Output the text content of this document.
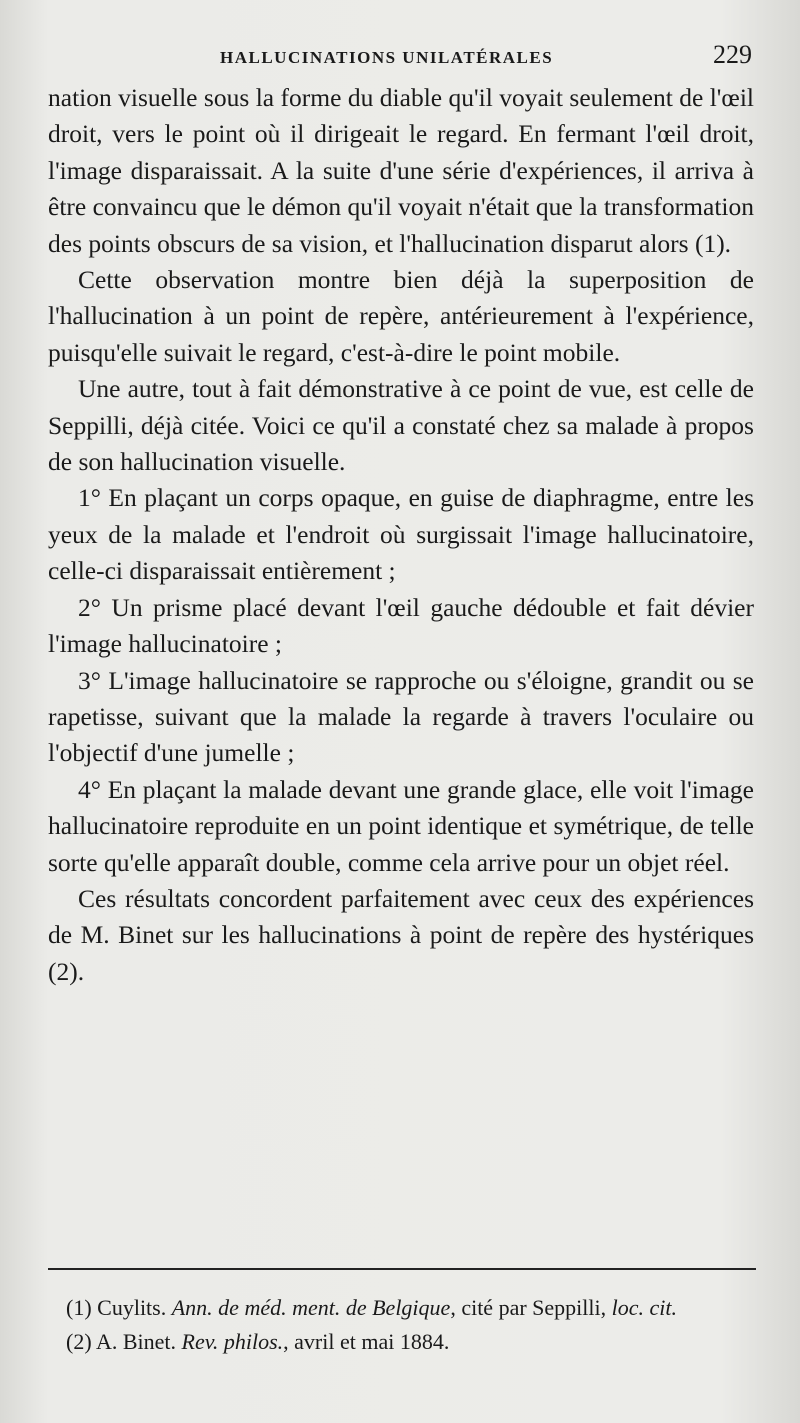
HALLUCINATIONS UNILATÉRALES	229

nation visuelle sous la forme du diable qu'il voyait seulement de l'œil droit, vers le point où il dirigeait le regard. En fermant l'œil droit, l'image disparaissait. A la suite d'une série d'expériences, il arriva à être convaincu que le démon qu'il voyait n'était que la transformation des points obscurs de sa vision, et l'hallucination disparut alors (1).

Cette observation montre bien déjà la superposition de l'hallucination à un point de repère, antérieurement à l'expérience, puisqu'elle suivait le regard, c'est-à-dire le point mobile.

Une autre, tout à fait démonstrative à ce point de vue, est celle de Seppilli, déjà citée. Voici ce qu'il a constaté chez sa malade à propos de son hallucination visuelle.

1° En plaçant un corps opaque, en guise de diaphragme, entre les yeux de la malade et l'endroit où surgissait l'image hallucinatoire, celle-ci disparaissait entièrement ;

2° Un prisme placé devant l'œil gauche dédouble et fait dévier l'image hallucinatoire ;

3° L'image hallucinatoire se rapproche ou s'éloigne, grandit ou se rapetisse, suivant que la malade la regarde à travers l'oculaire ou l'objectif d'une jumelle ;

4° En plaçant la malade devant une grande glace, elle voit l'image hallucinatoire reproduite en un point identique et symétrique, de telle sorte qu'elle apparaît double, comme cela arrive pour un objet réel.

Ces résultats concordent parfaitement avec ceux des expériences de M. Binet sur les hallucinations à point de repère des hystériques (2).

(1) Cuylits. Ann. de méd. ment. de Belgique, cité par Seppilli, loc. cit.

(2) A. Binet. Rev. philos., avril et mai 1884.
